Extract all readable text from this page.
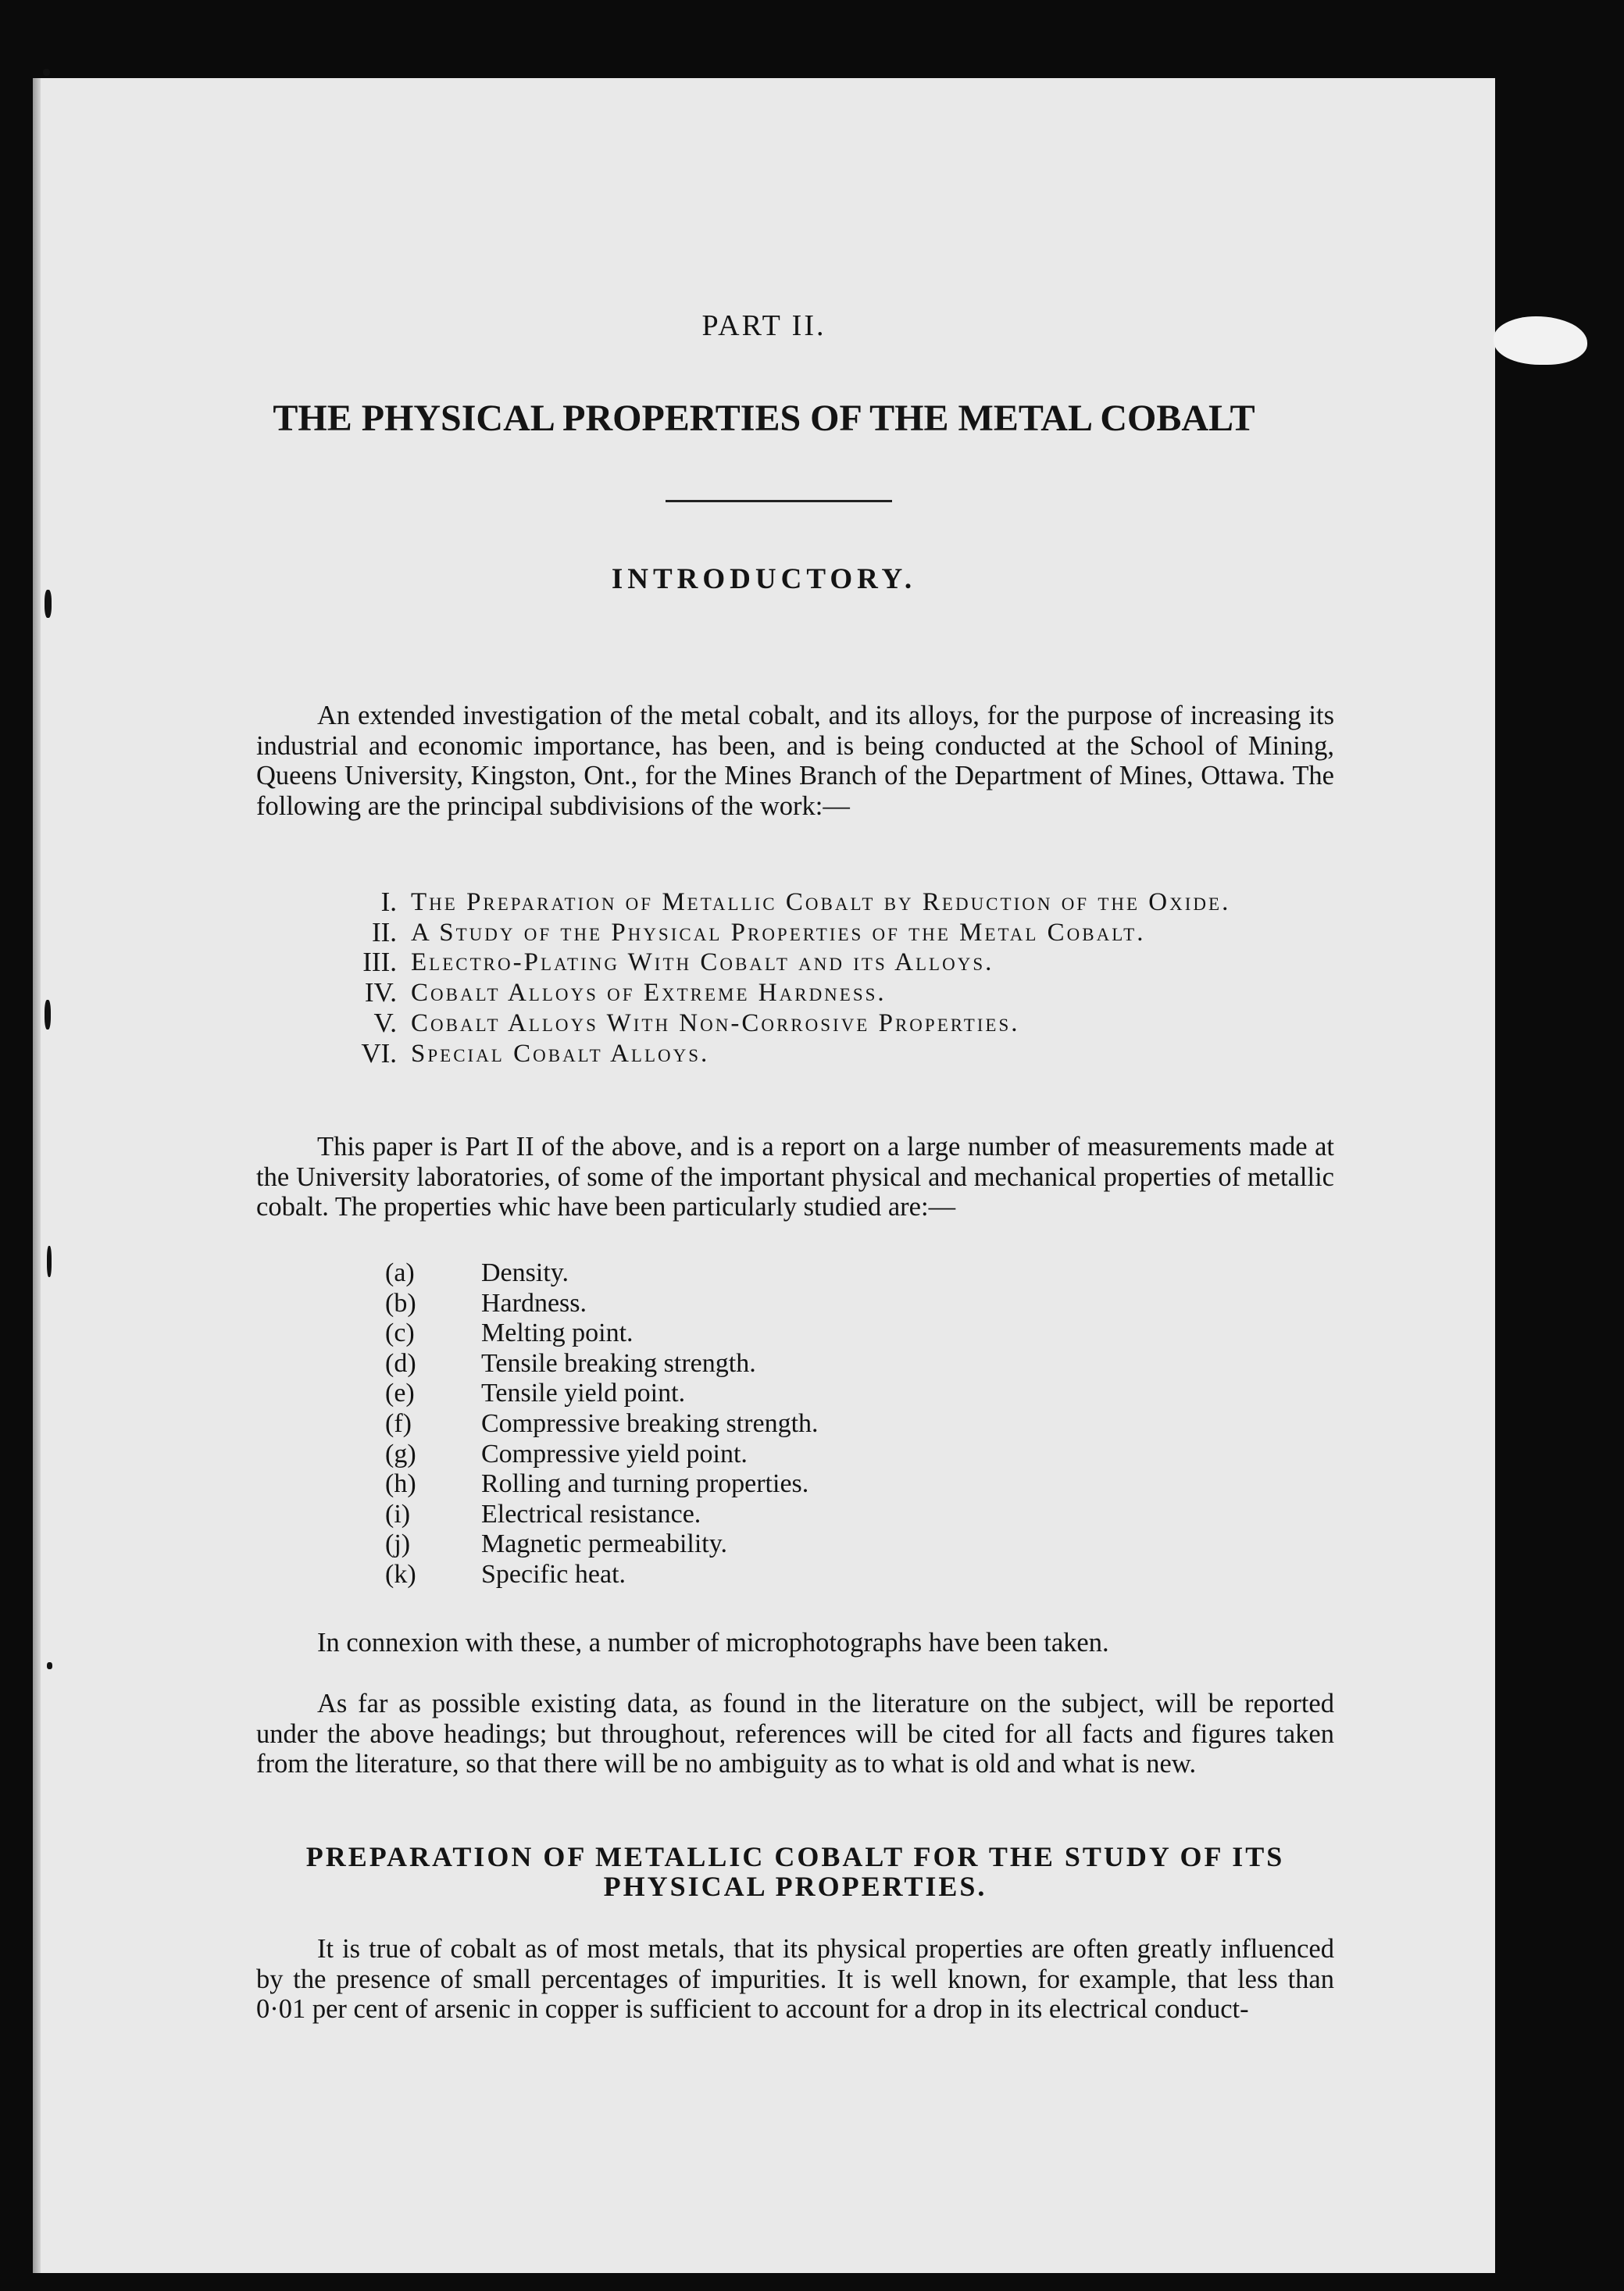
PART II.

THE PHYSICAL PROPERTIES OF THE METAL COBALT
INTRODUCTORY.

An extended investigation of the metal cobalt, and its alloys, for the purpose of increasing its industrial and economic importance, has been, and is being conducted at the School of Mining, Queens University, Kingston, Ont., for the Mines Branch of the Department of Mines, Ottawa. The following are the principal subdivisions of the work:—

I. The Preparation of Metallic Cobalt by Reduction of the Oxide.
II. A Study of the Physical Properties of the Metal Cobalt.
III. Electro-Plating With Cobalt and its Alloys.
IV. Cobalt Alloys of Extreme Hardness.
V. Cobalt Alloys With Non-Corrosive Properties.
VI. Special Cobalt Alloys.

This paper is Part II of the above, and is a report on a large number of measurements made at the University laboratories, of some of the important physical and mechanical properties of metallic cobalt. The properties whic have been particularly studied are:—

(a)	Density.
(b) Hardness.
(c)	Melting point.
(d) Tensile breaking strength.
(e)	Tensile yield point.
(f)	Compressive breaking strength.
(g) Compressive yield point.
(h) Rolling and turning properties.
(i)	Electrical resistance.
(j)	Magnetic permeability.
(k) Specific heat.

In connexion with these, a number of microphotographs have been taken.

As far as possible existing data, as found in the literature on the subject, will be reported under the above headings; but throughout, references will be cited for all facts and figures taken from the literature, so that there will be no ambiguity as to what is old and what is new.

PREPARATION OF METALLIC COBALT FOR THE STUDY OF ITS PHYSICAL PROPERTIES.

It is true of cobalt as of most metals, that its physical properties are often greatly influenced by the presence of small percentages of impurities. It is well known, for example, that less than 0·01 per cent of arsenic in copper is sufficient to account for a drop in its electrical conduct-
